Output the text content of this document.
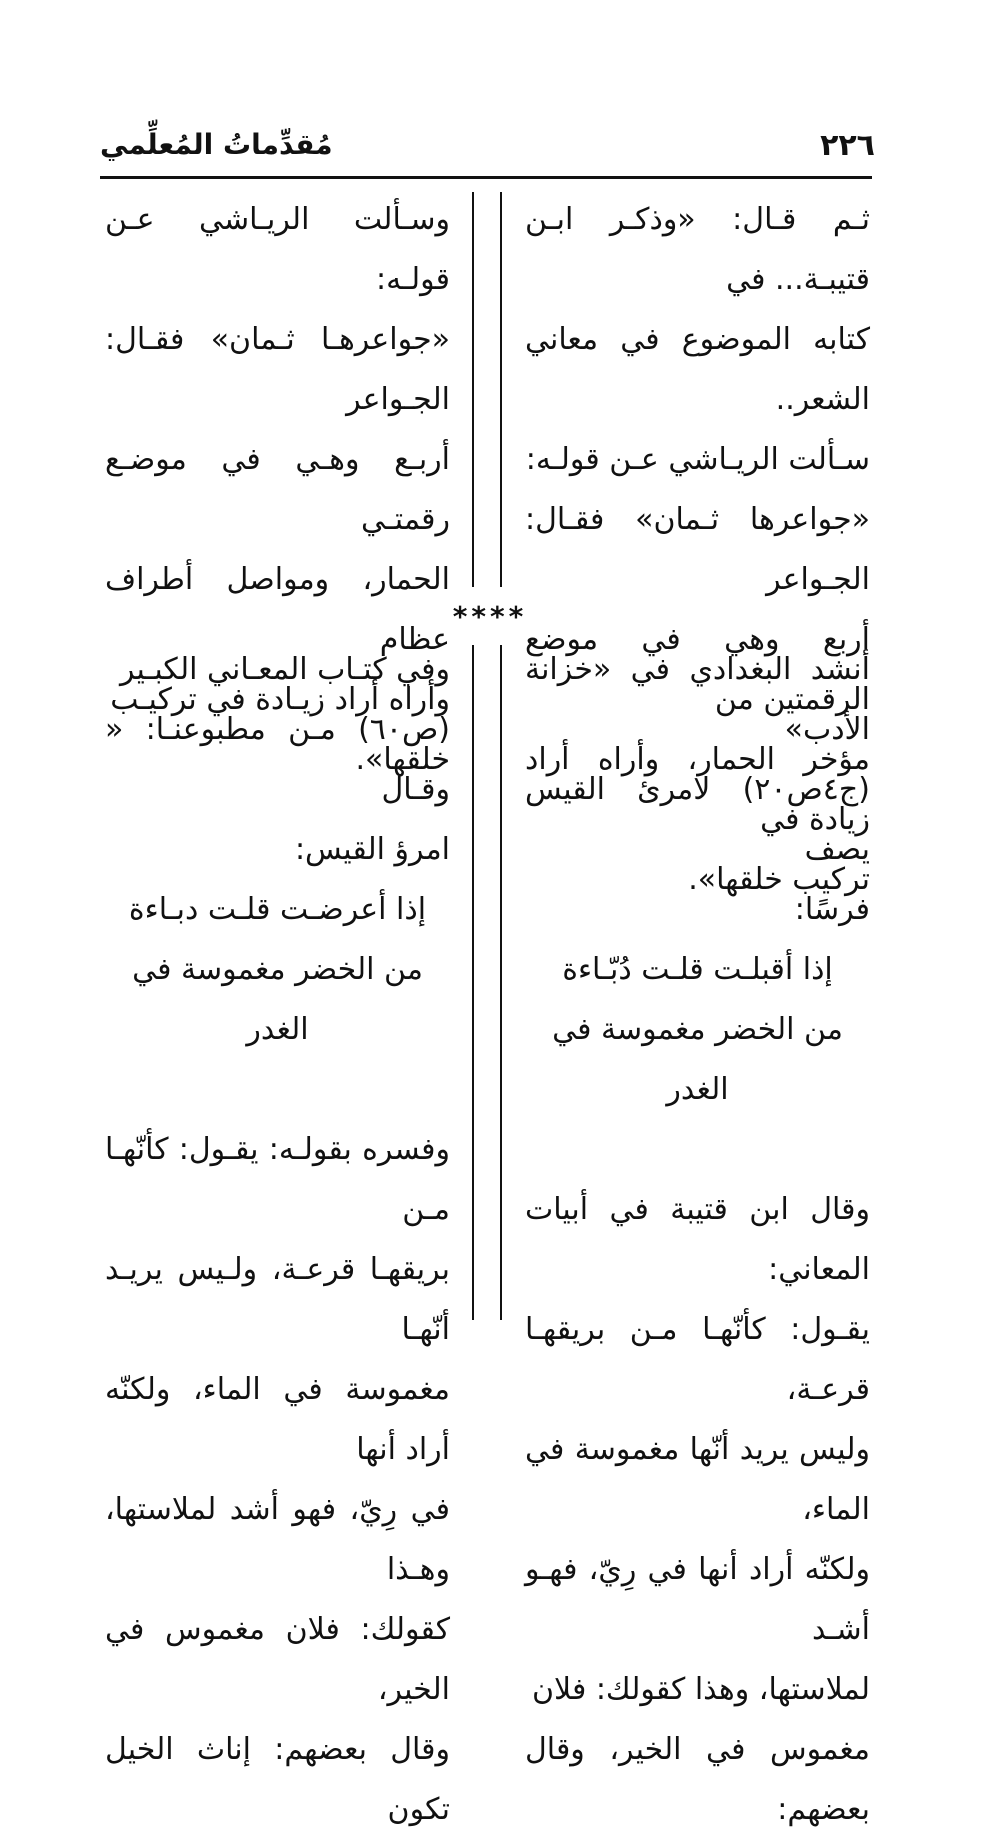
٢٢٦
مُقدِّماتُ المُعلِّمي
ثـم قـال: «وذكـر ابـن قتيبـة... في
كتابه الموضوع في معاني الشعر..
سـألت الريـاشي عـن قولـه:
«جواعرها ثـمان» فقـال: الجـواعر
أربع وهي في موضع الرقمتين من
مؤخر الحمار، وأراه أراد زيادة في
تركيب خلقها».
وسـألت الريـاشي عـن قولـه:
«جواعرهـا ثـمان» فقـال: الجـواعر
أربـع وهـي في موضـع رقمتـي
الحمار، ومواصل أطراف عظام
وأراه أراد زيـادة في تركيـب
خلقها».
****
أنشد البغدادي في «خزانة الأدب»
(ج٤ص٢٠) لامرئ القيس يصف
فرسًا:
إذا أقبلـت قلـت دُبّـاءة
من الخضر مغموسة في الغدر
وقال ابن قتيبة في أبيات المعاني:
يقـول: كأنّهـا مـن بريقهـا قرعـة،
وليس يريد أنّها مغموسة في الماء،
ولكنّه أراد أنها في رِيّ، فهـو أشـد
لملاستها، وهذا كقولك: فلان
مغموس في الخير، وقال بعضهم:
وفي كتـاب المعـاني الكبـير
(ص٦٠) مـن مطبوعنـا: « وقـال
امرؤ القيس:
إذا أعرضـت قلـت دبـاءة
من الخضر مغموسة في الغدر
وفسره بقولـه: يقـول: كأنّهـا مـن
بريقهـا قرعـة، ولـيس يريـد أنّهـا
مغموسة في الماء، ولكنّه أراد أنها
في رِيّ، فهو أشد لملاستها، وهـذا
كقولك: فلان مغموس في الخير،
وقال بعضهم: إناث الخيل تكون
